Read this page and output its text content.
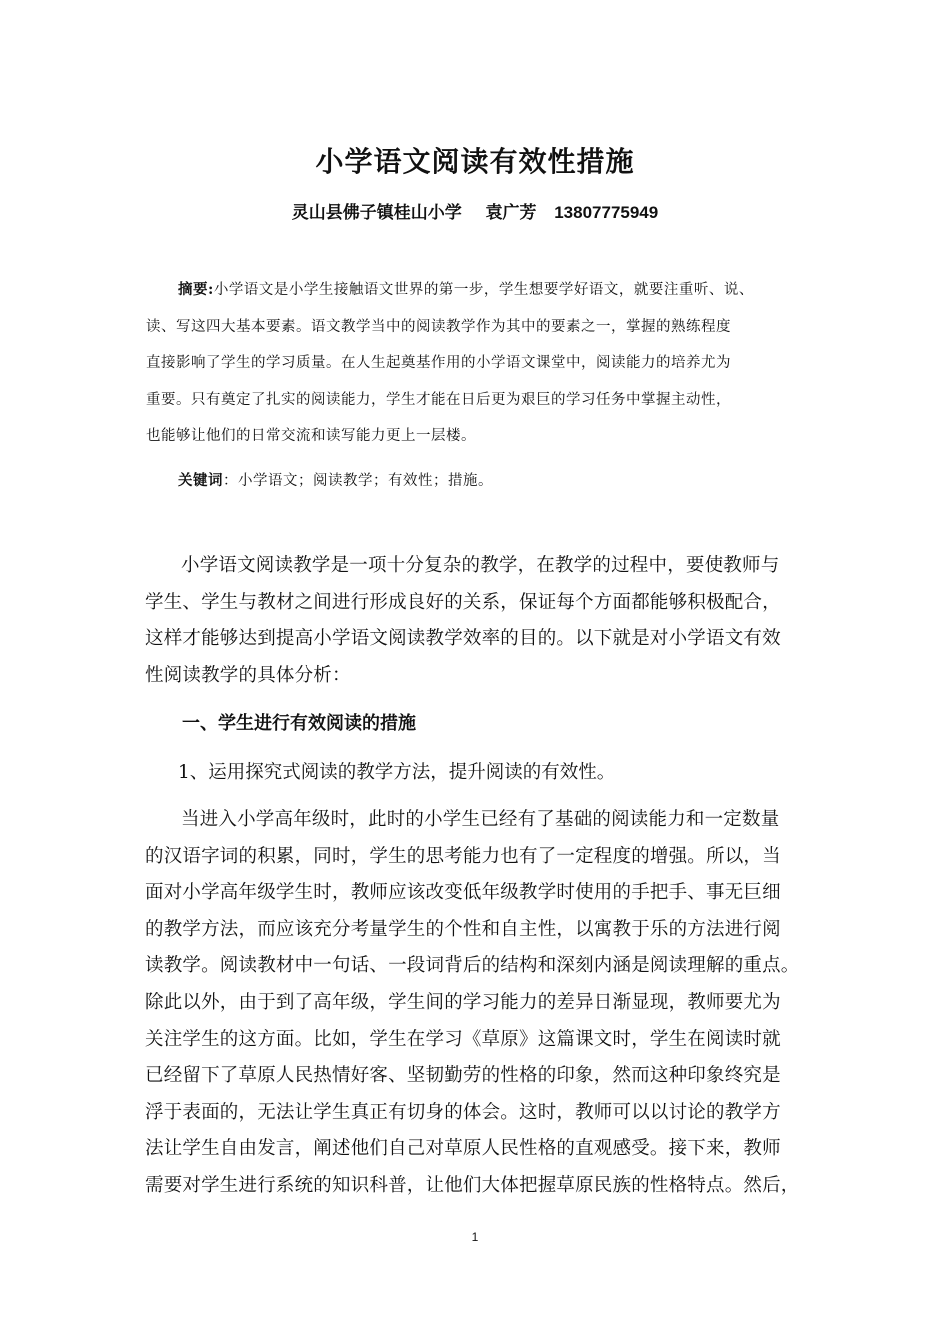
小学语文阅读有效性措施
灵山县佛子镇桂山小学 袁广芳 13807775949
摘要:小学语文是小学生接触语文世界的第一步，学生想要学好语文，就要注重听、说、
读、写这四大基本要素。语文教学当中的阅读教学作为其中的要素之一，掌握的熟练程度
直接影响了学生的学习质量。在人生起奠基作用的小学语文课堂中，阅读能力的培养尤为
重要。只有奠定了扎实的阅读能力，学生才能在日后更为艰巨的学习任务中掌握主动性，
也能够让他们的日常交流和读写能力更上一层楼。
关键词：小学语文；阅读教学；有效性；措施。
小学语文阅读教学是一项十分复杂的教学，在教学的过程中，要使教师与
学生、学生与教材之间进行形成良好的关系，保证每个方面都能够积极配合，
这样才能够达到提高小学语文阅读教学效率的目的。以下就是对小学语文有效
性阅读教学的具体分析：
一、学生进行有效阅读的措施
1、运用探究式阅读的教学方法，提升阅读的有效性。
当进入小学高年级时，此时的小学生已经有了基础的阅读能力和一定数量
的汉语字词的积累，同时，学生的思考能力也有了一定程度的增强。所以，当
面对小学高年级学生时，教师应该改变低年级教学时使用的手把手、事无巨细
的教学方法，而应该充分考量学生的个性和自主性，以寓教于乐的方法进行阅
读教学。阅读教材中一句话、一段词背后的结构和深刻内涵是阅读理解的重点。
除此以外，由于到了高年级，学生间的学习能力的差异日渐显现，教师要尤为
关注学生的这方面。比如，学生在学习《草原》这篇课文时，学生在阅读时就
已经留下了草原人民热情好客、坚韧勤劳的性格的印象，然而这种印象终究是
浮于表面的，无法让学生真正有切身的体会。这时，教师可以以讨论的教学方
法让学生自由发言，阐述他们自己对草原人民性格的直观感受。接下来，教师
需要对学生进行系统的知识科普，让他们大体把握草原民族的性格特点。然后，
1
